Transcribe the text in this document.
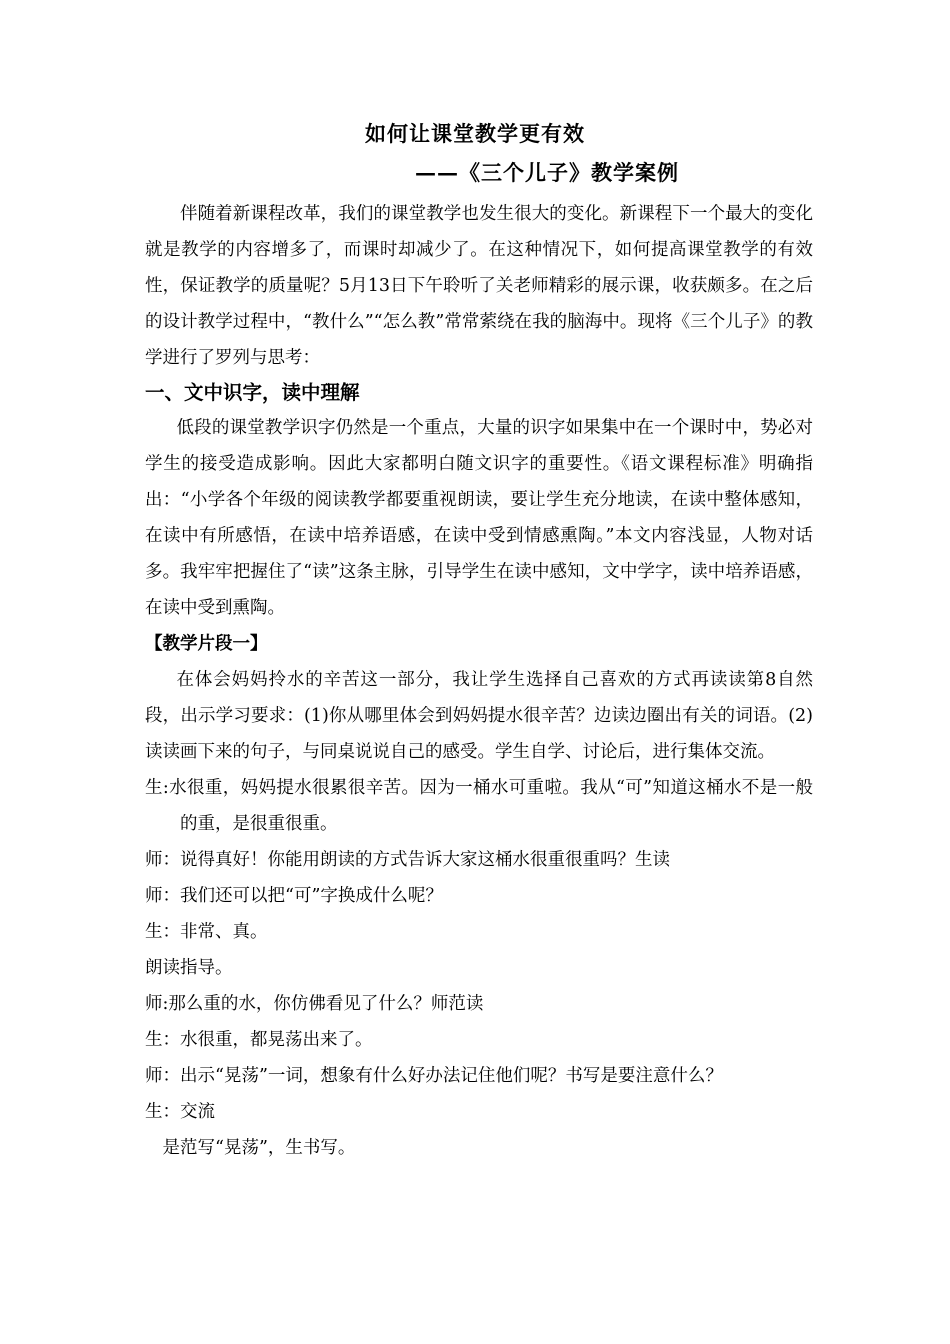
如何让课堂教学更有效
——《三个儿子》教学案例

伴随着新课程改革，我们的课堂教学也发生很大的变化。新课程下一个最大的变化就是教学的内容增多了，而课时却减少了。在这种情况下，如何提高课堂教学的有效性，保证教学的质量呢？5月13日下午聆听了关老师精彩的展示课，收获颇多。在之后的设计教学过程中，“教什么”“怎么教”常常萦绕在我的脑海中。现将《三个儿子》的教学进行了罗列与思考：

一、文中识字，读中理解

低段的课堂教学识字仍然是一个重点，大量的识字如果集中在一个课时中，势必对学生的接受造成影响。因此大家都明白随文识字的重要性。《语文课程标准》明确指出：“小学各个年级的阅读教学都要重视朗读，要让学生充分地读，在读中整体感知，在读中有所感悟，在读中培养语感，在读中受到情感熏陶。”本文内容浅显，人物对话多。我牢牢把握住了“读”这条主脉，引导学生在读中感知，文中学字，读中培养语感，在读中受到熏陶。

【教学片段一】

在体会妈妈拎水的辛苦这一部分，我让学生选择自己喜欢的方式再读读第8自然段，出示学习要求：(1)你从哪里体会到妈妈提水很辛苦？边读边圈出有关的词语。(2)读读画下来的句子，与同桌说说自己的感受。学生自学、讨论后，进行集体交流。

生:水很重，妈妈提水很累很辛苦。因为一桶水可重啦。我从“可”知道这桶水不是一般的重，是很重很重。

师：说得真好！你能用朗读的方式告诉大家这桶水很重很重吗？生读

师：我们还可以把“可”字换成什么呢？

生：非常、真。

朗读指导。

师:那么重的水，你仿佛看见了什么？师范读

生：水很重，都晃荡出来了。

师：出示“晃荡”一词，想象有什么好办法记住他们呢？书写是要注意什么？

生：交流

是范写“晃荡”，生书写。
